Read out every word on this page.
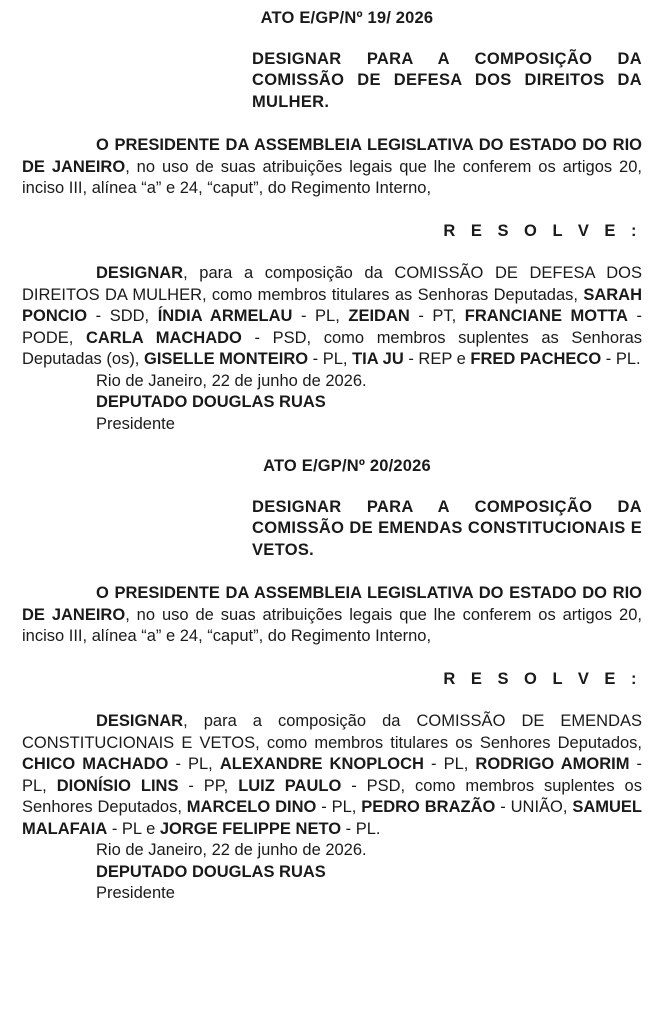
ATO E/GP/Nº 19/ 2026
DESIGNAR PARA A COMPOSIÇÃO DA COMISSÃO DE DEFESA DOS DIREITOS DA MULHER.

O PRESIDENTE DA ASSEMBLEIA LEGISLATIVA DO ESTADO DO RIO DE JANEIRO, no uso de suas atribuições legais que lhe conferem os artigos 20, inciso III, alínea “a” e 24, “caput”, do Regimento Interno,

R E S O L V E :

DESIGNAR, para a composição da COMISSÃO DE DEFESA DOS DIREITOS DA MULHER, como membros titulares as Senhoras Deputadas, SARAH PONCIO - SDD, ÍNDIA ARMELAU - PL, ZEIDAN - PT, FRANCIANE MOTTA - PODE, CARLA MACHADO - PSD, como membros suplentes as Senhoras Deputadas (os), GISELLE MONTEIRO - PL, TIA JU - REP e FRED PACHECO - PL.

Rio de Janeiro, 22 de junho de 2026.
DEPUTADO DOUGLAS RUAS
Presidente
ATO E/GP/Nº 20/2026
DESIGNAR PARA A COMPOSIÇÃO DA COMISSÃO DE EMENDAS CONSTITUCIONAIS E VETOS.

O PRESIDENTE DA ASSEMBLEIA LEGISLATIVA DO ESTADO DO RIO DE JANEIRO, no uso de suas atribuições legais que lhe conferem os artigos 20, inciso III, alínea “a” e 24, “caput”, do Regimento Interno,

R E S O L V E :

DESIGNAR, para a composição da COMISSÃO DE EMENDAS CONSTITUCIONAIS E VETOS, como membros titulares os Senhores Deputados, CHICO MACHADO - PL, ALEXANDRE KNOPLOCH - PL, RODRIGO AMORIM - PL, DIONÍSIO LINS - PP, LUIZ PAULO - PSD, como membros suplentes os Senhores Deputados, MARCELO DINO - PL, PEDRO BRAZÃO - UNIÃO, SAMUEL MALAFAIA - PL e JORGE FELIPPE NETO - PL.

Rio de Janeiro, 22 de junho de 2026.
DEPUTADO DOUGLAS RUAS
Presidente
